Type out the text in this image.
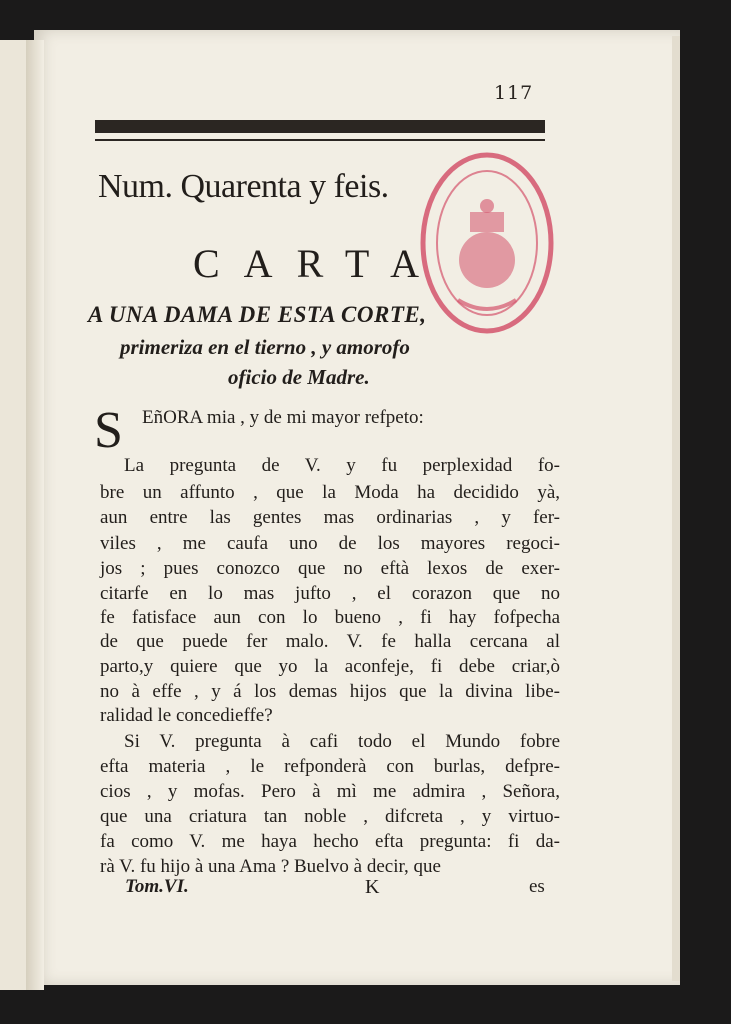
117
Num. Quarenta y feis.
CARTA
A UNA DAMA DE ESTA CORTE,
primeriza en el tierno , y amorofo
oficio de Madre.
S EñORA mia , y de mi mayor refpeto:
La pregunta de V. y fu perplexidad fo-
bre un affunto , que la Moda ha decidido yà,
aun entre las gentes mas ordinarias , y fer-
viles , me caufa uno de los mayores regoci-
jos ; pues conozco que no eftà lexos de exer-
citarfe en lo mas jufto , el corazon que no
fe fatisface aun con lo bueno , fi hay fofpecha
de que puede fer malo. V. fe halla cercana al
parto,y quiere que yo la aconfeje, fi debe criar,ò
no à effe , y á los demas hijos que la divina libe-
ralidad le concedieffe?
Si V. pregunta à cafi todo el Mundo fobre
efta materia , le refponderà con burlas, defpre-
cios , y mofas. Pero à mì me admira , Señora,
que una criatura tan noble , difcreta , y virtuo-
fa como V. me haya hecho efta pregunta: fi da-
rà V. fu hijo à una Ama ? Buelvo à decir, que
Tom.VI.	K	es
